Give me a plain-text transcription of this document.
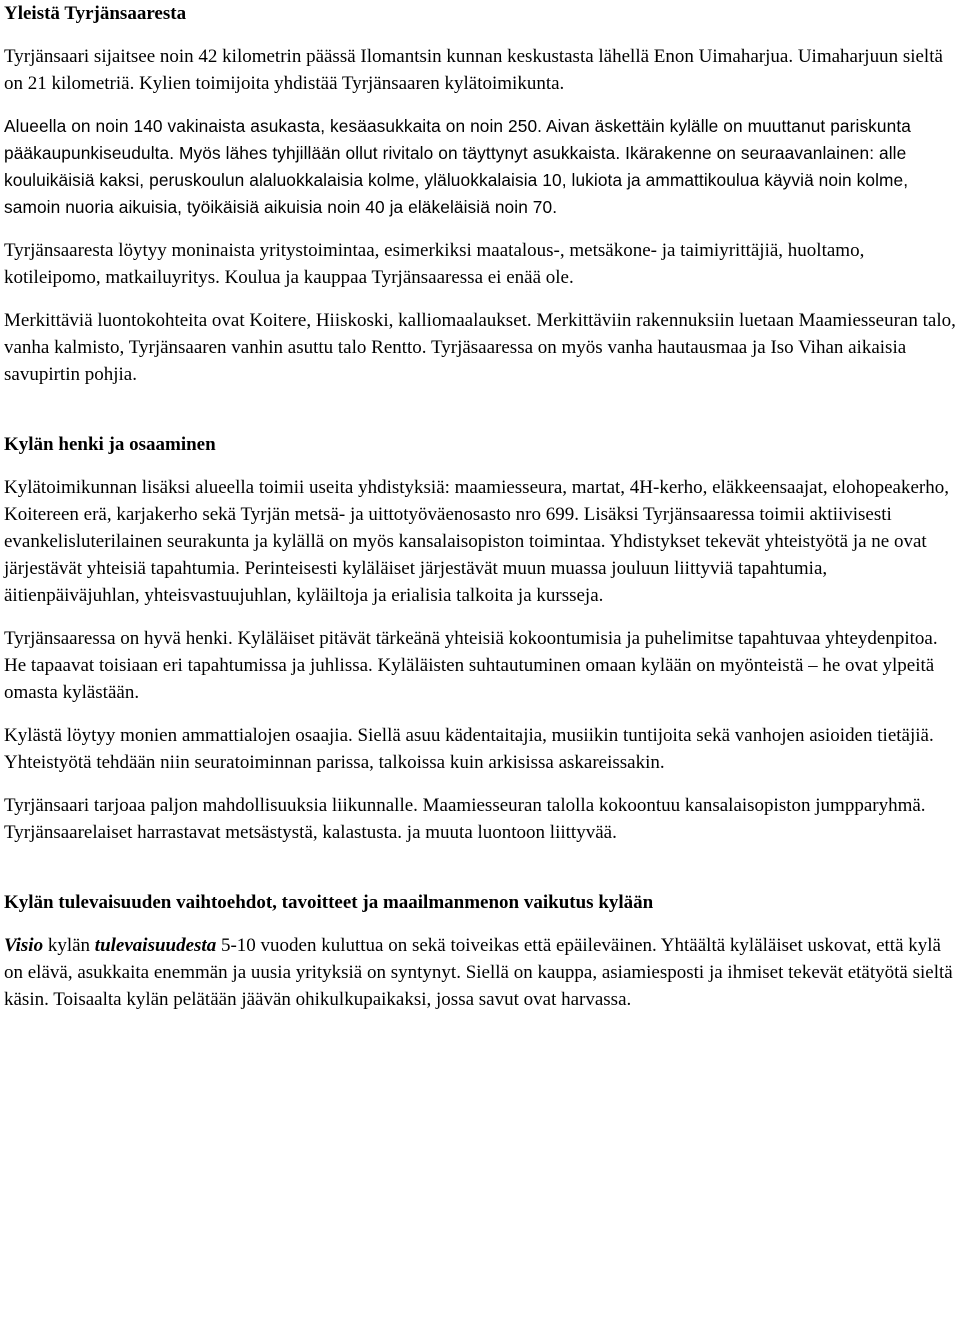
Yleistä Tyrjänsaaresta

Tyrjänsaari sijaitsee noin 42 kilometrin päässä Ilomantsin kunnan keskustasta lähellä Enon Uimaharjua. Uimaharjuun sieltä on 21 kilometriä. Kylien toimijoita yhdistää Tyrjänsaaren kylätoimikunta.

Alueella on noin 140 vakinaista asukasta, kesäasukkaita on noin 250. Aivan äskettäin kylälle on muuttanut pariskunta pääkaupunkiseudulta. Myös lähes tyhjillään ollut rivitalo on täyttynyt asukkaista. Ikärakenne on seuraavanlainen: alle kouluikäisiä kaksi, peruskoulun alaluokkalaisia kolme, yläluokkalaisia 10, lukiota ja ammattikoulua käyviä noin kolme, samoin nuoria aikuisia, työikäisiä aikuisia noin 40 ja eläkeläisiä noin 70.

Tyrjänsaaresta löytyy moninaista yritystoimintaa, esimerkiksi maatalous-, metsäkone- ja taimiyrittäjiä, huoltamo, kotileipomo, matkailuyritys. Koulua ja kauppaa Tyrjänsaaressa ei enää ole.

Merkittäviä luontokohteita ovat Koitere, Hiiskoski, kalliomaalaukset. Merkittäviin rakennuksiin luetaan Maamiesseuran talo, vanha kalmisto, Tyrjänsaaren vanhin asuttu talo Rentto. Tyrjäsaaressa on myös vanha hautausmaa ja Iso Vihan aikaisia savupirtin pohjia.

Kylän henki ja osaaminen

Kylätoimikunnan lisäksi alueella toimii useita yhdistyksiä: maamiesseura, martat, 4H-kerho, eläkkeensaajat, elohopeakerho, Koitereen erä, karjakerho sekä Tyrjän metsä- ja uittotyöväenosasto nro 699. Lisäksi Tyrjänsaaressa toimii aktiivisesti evankelisluterilainen seurakunta ja kylällä on myös kansalaisopiston toimintaa. Yhdistykset tekevät yhteistyötä ja ne ovat järjestävät yhteisiä tapahtumia. Perinteisesti kyläläiset järjestävät muun muassa jouluun liittyviä tapahtumia, äitienpäiväjuhlan, yhteisvastuujuhlan, kyläiltoja ja erialisia talkoita ja kursseja.

Tyrjänsaaressa on hyvä henki. Kyläläiset pitävät tärkeänä yhteisiä kokoontumisia ja puhelimitse tapahtuvaa yhteydenpitoa. He tapaavat toisiaan eri tapahtumissa ja juhlissa. Kyläläisten suhtautuminen omaan kylään on myönteistä – he ovat ylpeitä omasta kylästään.

Kylästä löytyy monien ammattialojen osaajia. Siellä asuu kädentaitajia, musiikin tuntijoita sekä vanhojen asioiden tietäjiä. Yhteistyötä tehdään niin seuratoiminnan parissa, talkoissa kuin arkisissa askareissakin.

Tyrjänsaari tarjoaa paljon mahdollisuuksia liikunnalle. Maamiesseuran talolla kokoontuu kansalaisopiston jumpparyhmä. Tyrjänsaarelaiset harrastavat metsästystä, kalastusta. ja muuta luontoon liittyvää.

Kylän tulevaisuuden vaihtoehdot, tavoitteet ja maailmanmenon vaikutus kylään

Visio kylän tulevaisuudesta 5-10 vuoden kuluttua on sekä toiveikas että epäileväinen. Yhtäältä kyläläiset uskovat, että kylä on elävä, asukkaita enemmän ja uusia yrityksiä on syntynyt. Siellä on kauppa, asiamiesposti ja ihmiset tekevät etätyötä sieltä käsin. Toisaalta kylän pelätään jäävän ohikulkupaikaksi, jossa savut ovat harvassa.
